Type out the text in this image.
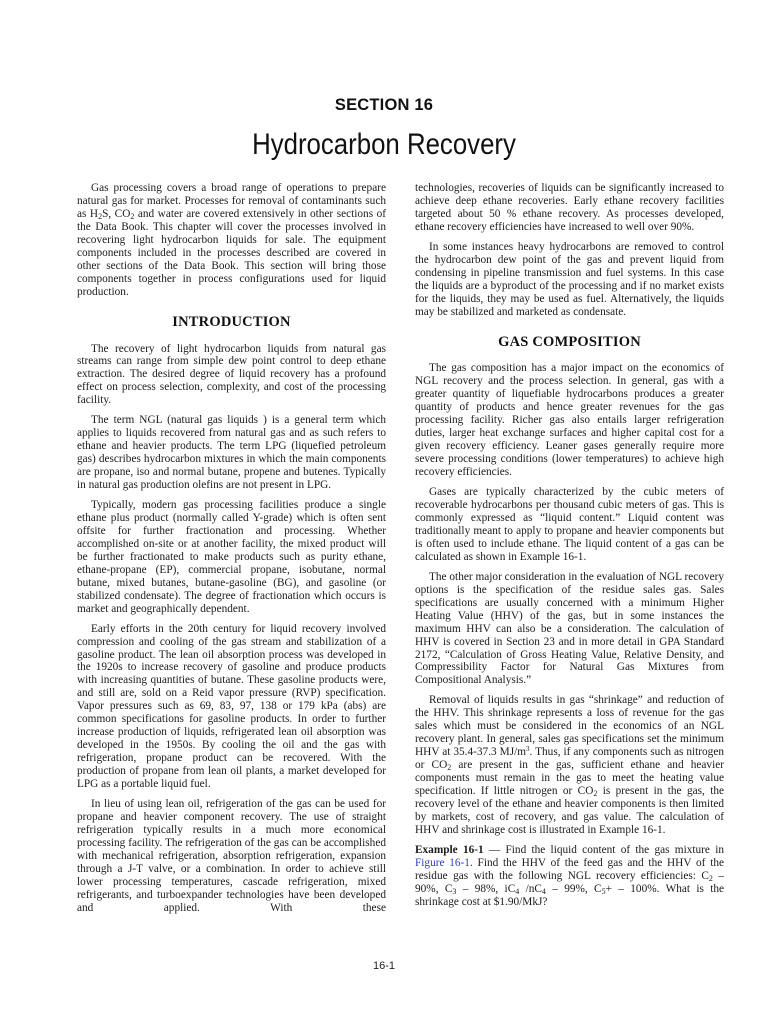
SECTION 16
Hydrocarbon Recovery

Gas processing covers a broad range of operations to prepare natural gas for market. Processes for removal of contaminants such as $H_2S$, $CO_2$ and water are covered extensively in other sections of the Data Book. This chapter will cover the processes involved in recovering light hydrocarbon liquids for sale. The equipment components included in the processes described are covered in other sections of the Data Book. This section will bring those components together in process configurations used for liquid production.

INTRODUCTION

The recovery of light hydrocarbon liquids from natural gas streams can range from simple dew point control to deep ethane extraction. The desired degree of liquid recovery has a profound effect on process selection, complexity, and cost of the processing facility.

The term NGL (natural gas liquids ) is a general term which applies to liquids recovered from natural gas and as such refers to ethane and heavier products. The term LPG (liquefied petroleum gas) describes hydrocarbon mixtures in which the main components are propane, iso and normal butane, propene and butenes. Typically in natural gas production olefins are not present in LPG.

Typically, modern gas processing facilities produce a single ethane plus product (normally called Y-grade) which is often sent offsite for further fractionation and processing. Whether accomplished on-site or at another facility, the mixed product will be further fractionated to make products such as purity ethane, ethane-propane (EP), commercial propane, isobutane, normal butane, mixed butanes, butane-gasoline (BG), and gasoline (or stabilized condensate). The degree of fractionation which occurs is market and geographically dependent.

Early efforts in the 20th century for liquid recovery involved compression and cooling of the gas stream and stabilization of a gasoline product. The lean oil absorption process was developed in the 1920s to increase recovery of gasoline and produce products with increasing quantities of butane. These gasoline products were, and still are, sold on a Reid vapor pressure (RVP) specification. Vapor pressures such as 69, 83, 97, 138 or 179 kPa (abs) are common specifications for gasoline products. In order to further increase production of liquids, refrigerated lean oil absorption was developed in the 1950s. By cooling the oil and the gas with refrigeration, propane product can be recovered. With the production of propane from lean oil plants, a market developed for LPG as a portable liquid fuel.

In lieu of using lean oil, refrigeration of the gas can be used for propane and heavier component recovery. The use of straight refrigeration typically results in a much more economical processing facility. The refrigeration of the gas can be accomplished with mechanical refrigeration, absorption refrigeration, expansion through a J-T valve, or a combination. In order to achieve still lower processing temperatures, cascade refrigeration, mixed refrigerants, and turboexpander technologies have been developed and applied. With these

technologies, recoveries of liquids can be significantly increased to achieve deep ethane recoveries. Early ethane recovery facilities targeted about 50 % ethane recovery. As processes developed, ethane recovery efficiencies have increased to well over 90%.

In some instances heavy hydrocarbons are removed to control the hydrocarbon dew point of the gas and prevent liquid from condensing in pipeline transmission and fuel systems. In this case the liquids are a byproduct of the processing and if no market exists for the liquids, they may be used as fuel. Alternatively, the liquids may be stabilized and marketed as condensate.

GAS COMPOSITION

The gas composition has a major impact on the economics of NGL recovery and the process selection. In general, gas with a greater quantity of liquefiable hydrocarbons produces a greater quantity of products and hence greater revenues for the gas processing facility. Richer gas also entails larger refrigeration duties, larger heat exchange surfaces and higher capital cost for a given recovery efficiency. Leaner gases generally require more severe processing conditions (lower temperatures) to achieve high recovery efficiencies.

Gases are typically characterized by the cubic meters of recoverable hydrocarbons per thousand cubic meters of gas. This is commonly expressed as “liquid content.” Liquid content was traditionally meant to apply to propane and heavier components but is often used to include ethane. The liquid content of a gas can be calculated as shown in Example 16-1.

The other major consideration in the evaluation of NGL recovery options is the specification of the residue sales gas. Sales specifications are usually concerned with a minimum Higher Heating Value (HHV) of the gas, but in some instances the maximum HHV can also be a consideration. The calculation of HHV is covered in Section 23 and in more detail in GPA Standard 2172, “Calculation of Gross Heating Value, Relative Density, and Compressibility Factor for Natural Gas Mixtures from Compositional Analysis.”

Removal of liquids results in gas “shrinkage” and reduction of the HHV. This shrinkage represents a loss of revenue for the gas sales which must be considered in the economics of an NGL recovery plant. In general, sales gas specifications set the minimum HHV at 35.4-37.3 $MJ/m^3$. Thus, if any components such as nitrogen or $CO_2$ are present in the gas, sufficient ethane and heavier components must remain in the gas to meet the heating value specification. If little nitrogen or $CO_2$ is present in the gas, the recovery level of the ethane and heavier components is then limited by markets, cost of recovery, and gas value. The calculation of HHV and shrinkage cost is illustrated in Example 16-1.

Example 16-1 — Find the liquid content of the gas mixture in Figure 16-1. Find the HHV of the feed gas and the HHV of the residue gas with the following NGL recovery efficiencies: $C_2 - 90\%$, $C_3 - 98\%$, $iC_4$ $/nC_4 - 99\%$, $C_5+ - 100\%$. What is the shrinkage cost at $1.90/MkJ?

16-1
